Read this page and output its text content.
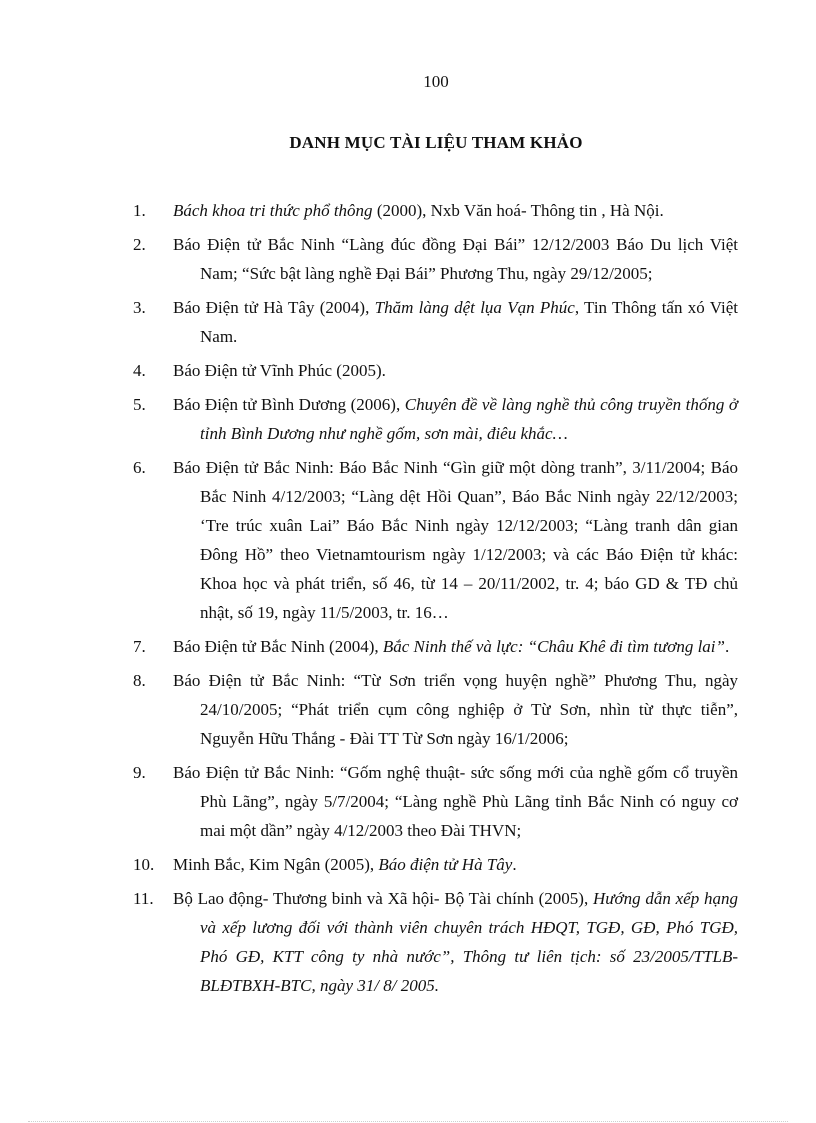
100
DANH MỤC TÀI LIỆU THAM KHẢO
1. Bách khoa tri thức phổ thông (2000), Nxb Văn hoá- Thông tin , Hà Nội.
2. Báo Điện tử Bắc Ninh “Làng đúc đồng Đại Bái” 12/12/2003 Báo Du lịch Việt Nam; “Sức bật làng nghề Đại Bái” Phương Thu, ngày 29/12/2005;
3. Báo Điện tử Hà Tây (2004), Thăm làng dệt lụa Vạn Phúc, Tin Thông tấn xó Việt Nam.
4. Báo Điện tử Vĩnh Phúc (2005).
5. Báo Điện tử Bình Dương (2006), Chuyên đề về làng nghề thủ công truyền thống ở tỉnh Bình Dương như nghề gốm, sơn mài, điêu khắc…
6. Báo Điện tử Bắc Ninh: Báo Bắc Ninh “Gìn giữ một dòng tranh”, 3/11/2004; Báo Bắc Ninh 4/12/2003; “Làng dệt Hồi Quan”, Báo Bắc Ninh ngày 22/12/2003; ‘Tre trúc xuân Lai” Báo Bắc Ninh ngày 12/12/2003; “Làng tranh dân gian Đông Hồ” theo Vietnamtourism ngày 1/12/2003; và các Báo Điện tử khác: Khoa học và phát triển, số 46, từ 14 – 20/11/2002, tr. 4; báo GD & TĐ chủ nhật, số 19, ngày 11/5/2003, tr. 16…
7. Báo Điện tử Bắc Ninh (2004), Bắc Ninh thế và lực: “Châu Khê đi tìm tương lai”.
8. Báo Điện tử Bắc Ninh: “Từ Sơn triển vọng huyện nghề” Phương Thu, ngày 24/10/2005; “Phát triển cụm công nghiệp ở Từ Sơn, nhìn từ thực tiễn”, Nguyễn Hữu Thắng - Đài TT Từ Sơn ngày 16/1/2006;
9. Báo Điện tử Bắc Ninh: “Gốm nghệ thuật- sức sống mới của nghề gốm cổ truyền Phù Lãng”, ngày 5/7/2004; “Làng nghề Phù Lãng tỉnh Bắc Ninh có nguy cơ mai một dần” ngày 4/12/2003 theo Đài THVN;
10. Minh Bắc, Kim Ngân (2005), Báo điện tử Hà Tây.
11. Bộ Lao động- Thương binh và Xã hội- Bộ Tài chính (2005), Hướng dẫn xếp hạng và xếp lương đối với thành viên chuyên trách HĐQT, TGĐ, GĐ, Phó TGĐ, Phó GĐ, KTT công ty nhà nước”, Thông tư liên tịch: số 23/2005/TTLB-BLĐTBXH-BTC, ngày 31/ 8/ 2005.
